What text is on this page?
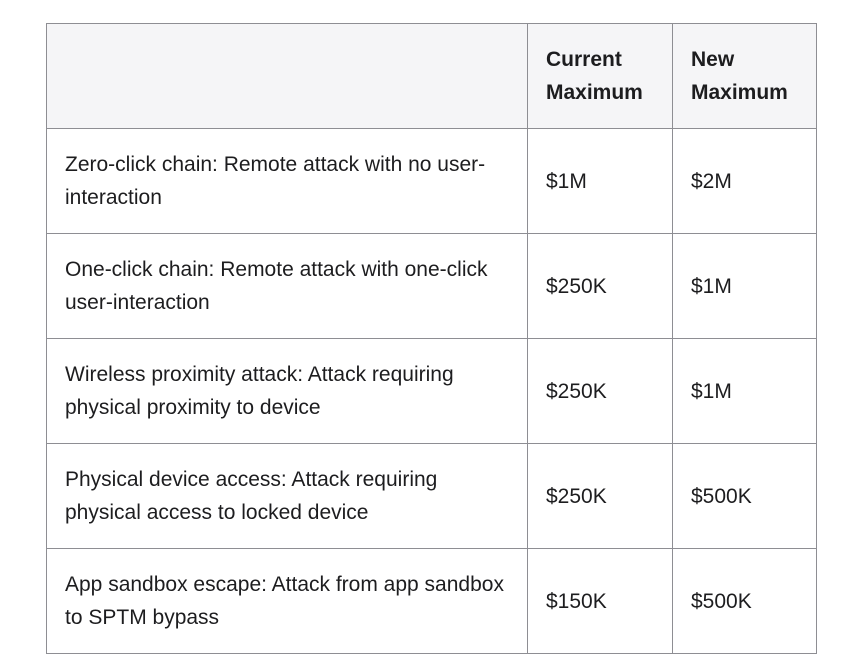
	Current Maximum	New Maximum

Zero-click chain: Remote attack with no user-interaction	$1M	$2M

One-click chain: Remote attack with one-click user-interaction	$250K	$1M

Wireless proximity attack: Attack requiring physical proximity to device	$250K	$1M

Physical device access: Attack requiring physical access to locked device	$250K	$500K

App sandbox escape: Attack from app sandbox to SPTM bypass	$150K	$500K
